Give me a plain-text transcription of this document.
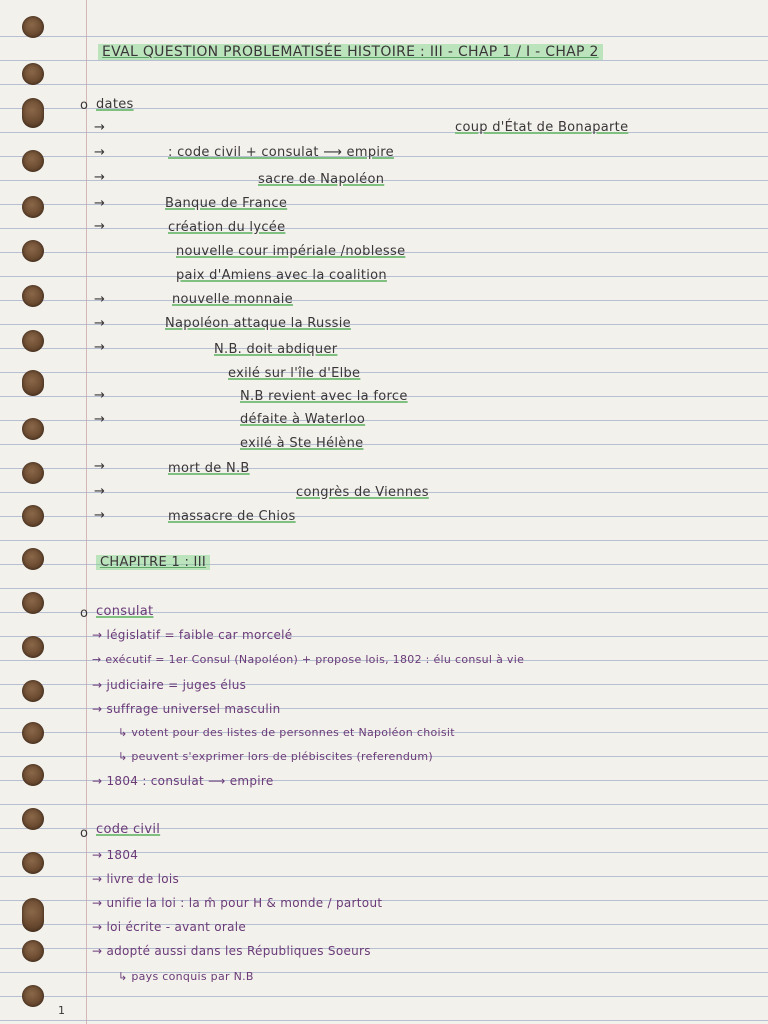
EVAL QUESTION PROBLEMATISÉE HISTOIRE : III - CHAP 1 / I - CHAP 2
o dates
→	coup d'État de Bonaparte
→	: code civil + consulat ⟶ empire
→	sacre de Napoléon
→	Banque de France
→	création du lycée
nouvelle cour impériale /noblesse
paix d'Amiens avec la coalition
→	nouvelle monnaie
→	Napoléon attaque la Russie
→	N.B. doit abdiquer
exilé sur l'île d'Elbe
→	N.B revient avec la force
→	défaite à Waterloo
exilé à Ste Hélène
→	mort de N.B
→	congrès de Viennes
→	massacre de Chios
CHAPITRE 1 : III
o consulat
→ législatif = faible car morcelé
→ exécutif = 1er Consul (Napoléon) + propose lois, 1802 : élu consul à vie
→ judiciaire = juges élus
→ suffrage universel masculin
↳ votent pour des listes de personnes et Napoléon choisit
↳ peuvent s'exprimer lors de plébiscites (referendum)
→ 1804 : consulat ⟶ empire
o code civil
→ 1804
→ livre de lois
→ unifie la loi : la m̂ pour H & monde / partout
→ loi écrite - avant orale
→ adopté aussi dans les Républiques Soeurs
↳ pays conquis par N.B
1
